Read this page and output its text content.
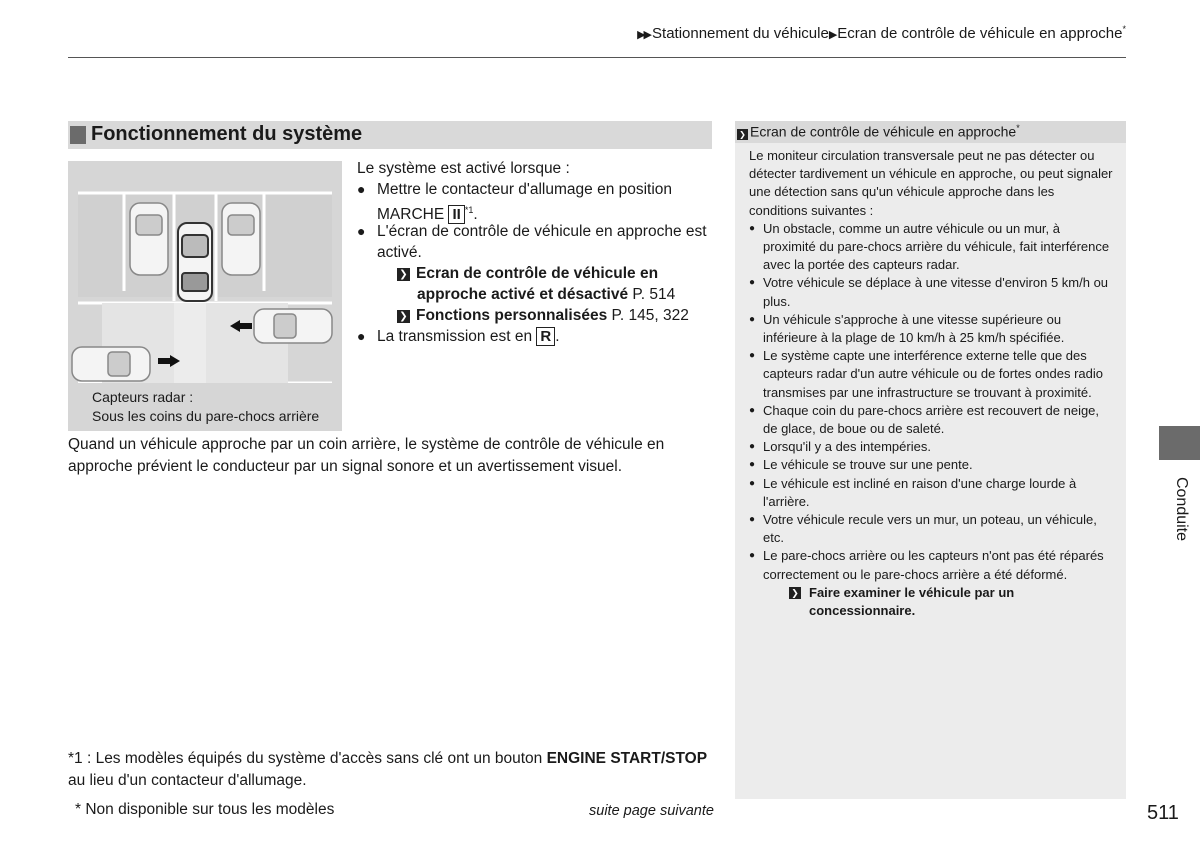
▶▶ Stationnement du véhicule▶ Ecran de contrôle de véhicule en approche*
Fonctionnement du système
Capteurs radar :
Sous les coins du pare-chocs arrière
Le système est activé lorsque :
● Mettre le contacteur d'allumage en position
MARCHE II $^{*1}$.
● L'écran de contrôle de véhicule en approche est activé.
❯ Ecran de contrôle de véhicule en
approche activé et désactivé P. 514
❯ Fonctions personnalisées P. 145, 322
● La transmission est en R .
Quand un véhicule approche par un coin arrière, le système de contrôle de véhicule en approche prévient le conducteur par un signal sonore et un avertissement visuel.
*1 : Les modèles équipés du système d'accès sans clé ont un bouton ENGINE START/STOP au lieu d'un contacteur d'allumage.
* Non disponible sur tous les modèles	suite page suivante
❯ Ecran de contrôle de véhicule en approche*

Le moniteur circulation transversale peut ne pas détecter ou détecter tardivement un véhicule en approche, ou peut signaler une détection sans qu'un véhicule approche dans les conditions suivantes :

● Un obstacle, comme un autre véhicule ou un mur, à proximité du pare-chocs arrière du véhicule, fait interférence avec la portée des capteurs radar.
● Votre véhicule se déplace à une vitesse d'environ 5 km/h ou plus.
● Un véhicule s'approche à une vitesse supérieure ou inférieure à la plage de 10 km/h à 25 km/h spécifiée.
● Le système capte une interférence externe telle que des capteurs radar d'un autre véhicule ou de fortes ondes radio transmises par une infrastructure se trouvant à proximité.
● Chaque coin du pare-chocs arrière est recouvert de neige, de glace, de boue ou de saleté.
● Lorsqu'il y a des intempéries.
● Le véhicule se trouve sur une pente.
● Le véhicule est incliné en raison d'une charge lourde à l'arrière.
● Votre véhicule recule vers un mur, un poteau, un véhicule, etc.
● Le pare-chocs arrière ou les capteurs n'ont pas été réparés correctement ou le pare-chocs arrière a été déformé.
❯ Faire examiner le véhicule par un concessionnaire.
Conduite
511
